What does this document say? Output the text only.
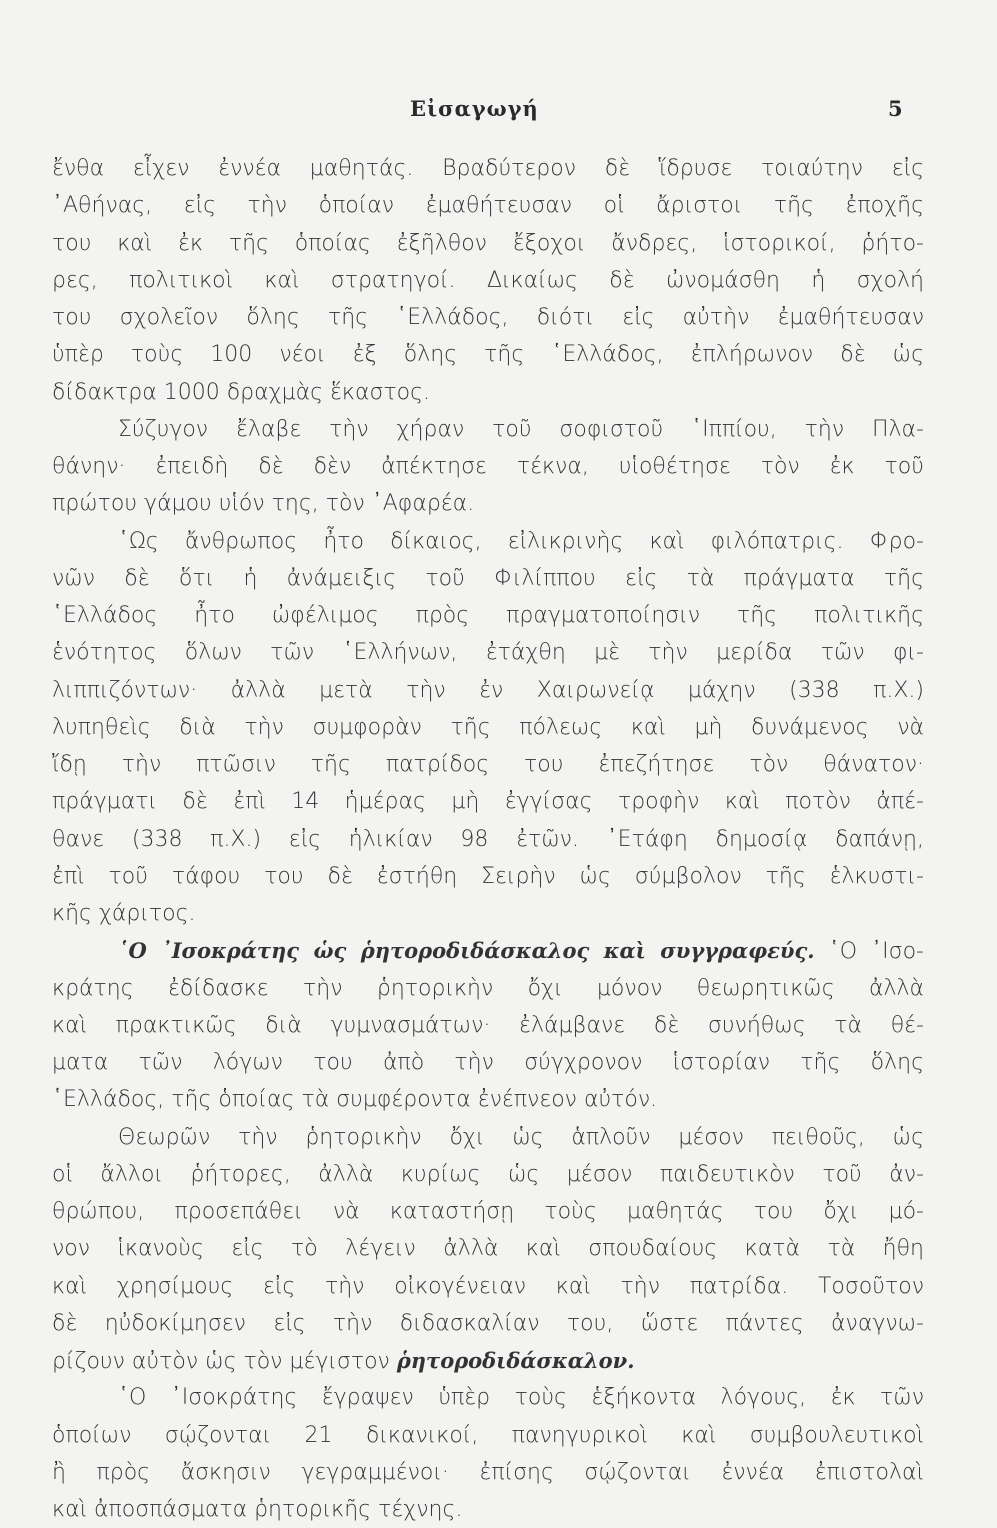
Εἰσαγωγή	5
ἔνθα εἶχεν ἐννέα μαθητάς. Βραδύτερον δὲ ἵδρυσε τοιαύτην εἰς
᾿Αθήνας, εἰς τὴν ὁποίαν ἐμαθήτευσαν οἱ ἄριστοι τῆς ἐποχῆς
του καὶ ἐκ τῆς ὁποίας ἐξῆλθον ἔξοχοι ἄνδρες, ἱστορικοί, ῥήτο-
ρες, πολιτικοὶ καὶ στρατηγοί. Δικαίως δὲ ὠνομάσθη ἡ σχολή
του σχολεῖον ὅλης τῆς ῾Ελλάδος, διότι εἰς αὐτὴν ἐμαθήτευσαν
ὑπὲρ τοὺς 100 νέοι ἐξ ὅλης τῆς ῾Ελλάδος, ἐπλήρωνον δὲ ὡς
δίδακτρα 1000 δραχμὰς ἕκαστος.
Σύζυγον ἔλαβε τὴν χήραν τοῦ σοφιστοῦ ῾Ιππίου, τὴν Πλα-
θάνην· ἐπειδὴ δὲ δὲν ἀπέκτησε τέκνα, υἱοθέτησε τὸν ἐκ τοῦ
πρώτου γάμου υἱόν της, τὸν ᾿Αφαρέα.
῾Ως ἄνθρωπος ἦτο δίκαιος, εἰλικρινὴς καὶ φιλόπατρις. Φρο-
νῶν δὲ ὅτι ἡ ἀνάμειξις τοῦ Φιλίππου εἰς τὰ πράγματα τῆς
῾Ελλάδος ἦτο ὠφέλιμος πρὸς πραγματοποίησιν τῆς πολιτικῆς
ἑνότητος ὅλων τῶν ῾Ελλήνων, ἐτάχθη μὲ τὴν μερίδα τῶν φι-
λιππιζόντων· ἀλλὰ μετὰ τὴν ἐν Χαιρωνείᾳ μάχην (338 π.Χ.)
λυπηθεὶς διὰ τὴν συμφορὰν τῆς πόλεως καὶ μὴ δυνάμενος νὰ
ἴδῃ τὴν πτῶσιν τῆς πατρίδος του ἐπεζήτησε τὸν θάνατον·
πράγματι δὲ ἐπὶ 14 ἡμέρας μὴ ἐγγίσας τροφὴν καὶ ποτὸν ἀπέ-
θανε (338 π.Χ.) εἰς ἡλικίαν 98 ἐτῶν. ᾿Ετάφη δημοσίᾳ δαπάνῃ,
ἐπὶ τοῦ τάφου του δὲ ἐστήθη Σειρὴν ὡς σύμβολον τῆς ἑλκυστι-
κῆς χάριτος.
῾Ο ᾿Ισοκράτης ὡς ῥητοροδιδάσκαλος καὶ συγγραφεύς. ῾Ο ᾿Ισο-
κράτης ἐδίδασκε τὴν ῥητορικὴν ὄχι μόνον θεωρητικῶς ἀλλὰ
καὶ πρακτικῶς διὰ γυμνασμάτων· ἐλάμβανε δὲ συνήθως τὰ θέ-
ματα τῶν λόγων του ἀπὸ τὴν σύγχρονον ἱστορίαν τῆς ὅλης
῾Ελλάδος, τῆς ὁποίας τὰ συμφέροντα ἐνέπνεον αὐτόν.
Θεωρῶν τὴν ῥητορικὴν ὄχι ὡς ἁπλοῦν μέσον πειθοῦς, ὡς
οἱ ἄλλοι ῥήτορες, ἀλλὰ κυρίως ὡς μέσον παιδευτικὸν τοῦ ἀν-
θρώπου, προσεπάθει νὰ καταστήσῃ τοὺς μαθητάς του ὄχι μό-
νον ἱκανοὺς εἰς τὸ λέγειν ἀλλὰ καὶ σπουδαίους κατὰ τὰ ἤθη
καὶ χρησίμους εἰς τὴν οἰκογένειαν καὶ τὴν πατρίδα. Τοσοῦτον
δὲ ηὐδοκίμησεν εἰς τὴν διδασκαλίαν του, ὥστε πάντες ἀναγνω-
ρίζουν αὐτὸν ὡς τὸν μέγιστον ῥητοροδιδάσκαλον.
῾Ο ᾿Ισοκράτης ἔγραψεν ὑπὲρ τοὺς ἑξήκοντα λόγους, ἐκ τῶν
ὁποίων σῴζονται 21 δικανικοί, πανηγυρικοὶ καὶ συμβουλευτικοὶ
ἢ πρὸς ἄσκησιν γεγραμμένοι· ἐπίσης σῴζονται ἐννέα ἐπιστολαὶ
καὶ ἀποσπάσματα ῥητορικῆς τέχνης.
